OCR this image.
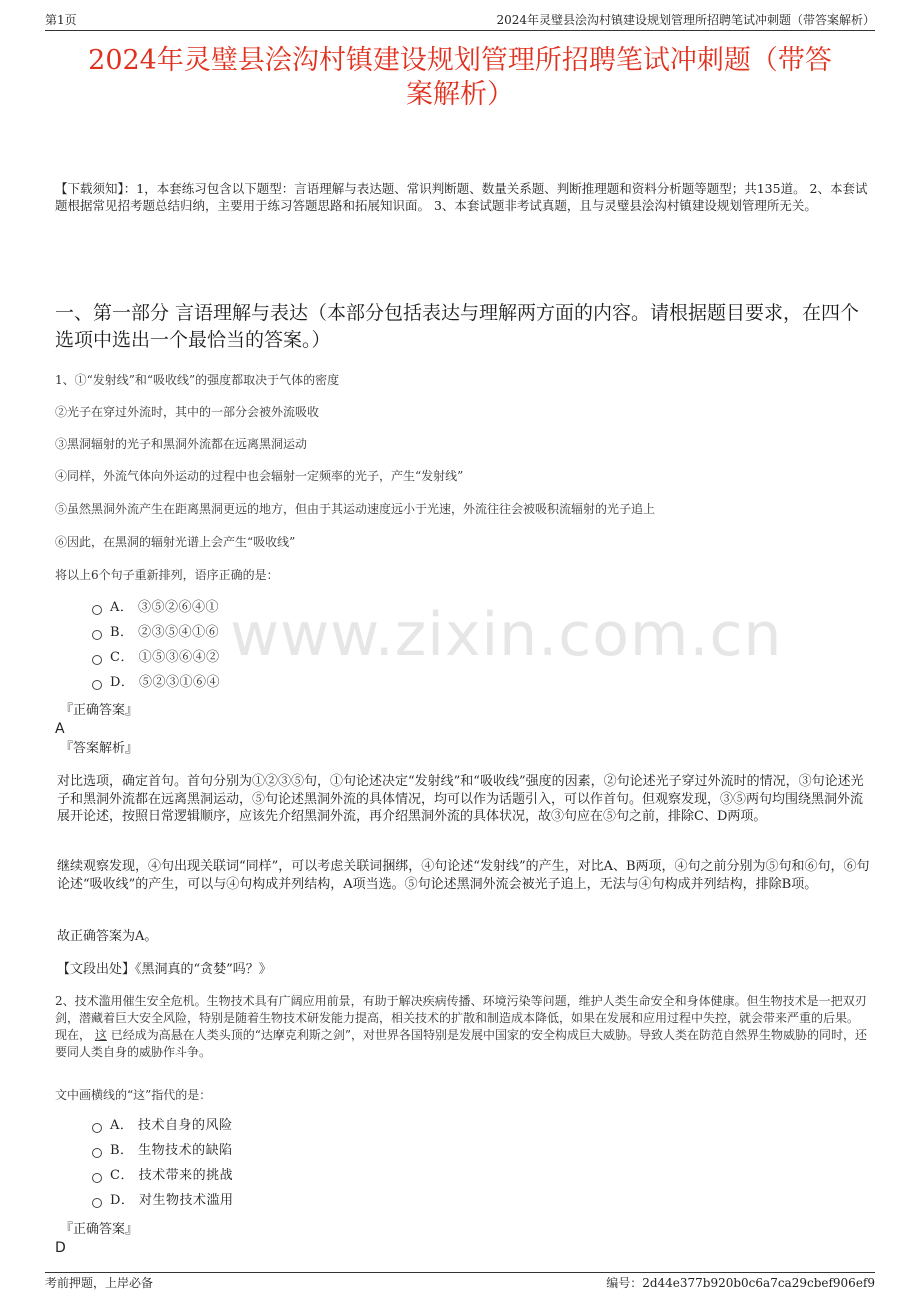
第1页	2024年灵璧县浍沟村镇建设规划管理所招聘笔试冲刺题（带答案解析）
2024年灵璧县浍沟村镇建设规划管理所招聘笔试冲刺题（带答
案解析）
【下载须知】：1，本套练习包含以下题型：言语理解与表达题、常识判断题、数量关系题、判断推理题和资料分析题等题型；共135道。 2、本套试题根据常见招考题总结归纳，主要用于练习答题思路和拓展知识面。 3、本套试题非考试真题，且与灵璧县浍沟村镇建设规划管理所无关。
一、第一部分 言语理解与表达（本部分包括表达与理解两方面的内容。请根据题目要求，在四个选项中选出一个最恰当的答案。）
www.zixin.com.cn
1、①“发射线”和“吸收线”的强度都取决于气体的密度
②光子在穿过外流时，其中的一部分会被外流吸收
③黑洞辐射的光子和黑洞外流都在远离黑洞运动
④同样，外流气体向外运动的过程中也会辐射一定频率的光子，产生“发射线”
⑤虽然黑洞外流产生在距离黑洞更远的地方，但由于其运动速度远小于光速，外流往往会被吸积流辐射的光子追上
⑥因此，在黑洞的辐射光谱上会产生“吸收线”
将以上6个句子重新排列，语序正确的是：
A． ③⑤②⑥④①
B． ②③⑤④①⑥
C． ①⑤③⑥④②
D． ⑤②③①⑥④
『正确答案』
A
『答案解析』
对比选项，确定首句。首句分别为①②③⑤句，①句论述决定“发射线”和“吸收线”强度的因素，②句论述光子穿过外流时的情况，③句论述光子和黑洞外流都在远离黑洞运动，⑤句论述黑洞外流的具体情况，均可以作为话题引入，可以作首句。但观察发现，③⑤两句均围绕黑洞外流展开论述，按照日常逻辑顺序，应该先介绍黑洞外流，再介绍黑洞外流的具体状况，故③句应在⑤句之前，排除C、D两项。
继续观察发现，④句出现关联词“同样”，可以考虑关联词捆绑，④句论述“发射线”的产生，对比A、B两项，④句之前分别为⑤句和⑥句，⑥句论述“吸收线”的产生，可以与④句构成并列结构，A项当选。⑤句论述黑洞外流会被光子追上，无法与④句构成并列结构，排除B项。
故正确答案为A。
【文段出处】《黑洞真的“贪婪”吗？》
2、技术滥用催生安全危机。生物技术具有广阔应用前景，有助于解决疾病传播、环境污染等问题，维护人类生命安全和身体健康。但生物技术是一把双刃剑，潜藏着巨大安全风险，特别是随着生物技术研发能力提高，相关技术的扩散和制造成本降低，如果在发展和应用过程中失控，就会带来严重的后果。现在， 这 已经成为高悬在人类头顶的“达摩克利斯之剑”，对世界各国特别是发展中国家的安全构成巨大威胁。导致人类在防范自然界生物威胁的同时，还要同人类自身的威胁作斗争。
文中画横线的“这”指代的是：
A． 技术自身的风险
B． 生物技术的缺陷
C． 技术带来的挑战
D． 对生物技术滥用
『正确答案』
D
考前押题，上岸必备	编号：2d44e377b920b0c6a7ca29cbef906ef9
